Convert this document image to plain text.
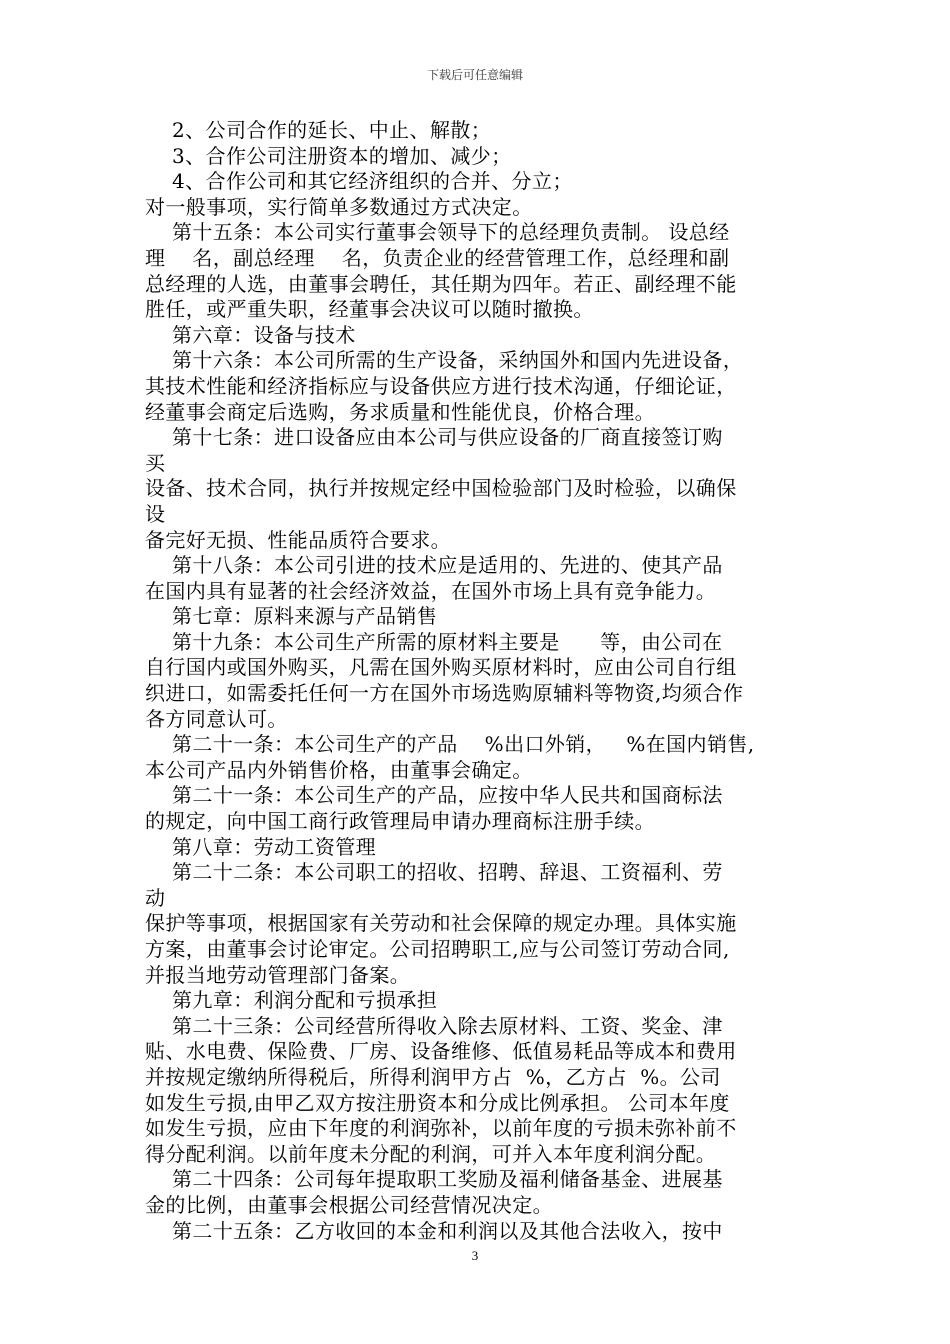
下载后可任意编辑
2、公司合作的延长、中止、解散；
3、合作公司注册资本的增加、减少；
4、合作公司和其它经济组织的合并、分立；
对一般事项，实行简单多数通过方式决定。
第十五条：本公司实行董事会领导下的总经理负责制。 设总经
理    名，副总经理    名，负责企业的经营管理工作，总经理和副
总经理的人选，由董事会聘任，其任期为四年。若正、副经理不能
胜任，或严重失职，经董事会决议可以随时撤换。
第六章：设备与技术
第十六条：本公司所需的生产设备，采纳国外和国内先进设备，
其技术性能和经济指标应与设备供应方进行技术沟通，仔细论证，
经董事会商定后选购，务求质量和性能优良，价格合理。
第十七条：进口设备应由本公司与供应设备的厂商直接签订购
买
设备、技术合同，执行并按规定经中国检验部门及时检验，以确保
设
备完好无损、性能品质符合要求。
第十八条：本公司引进的技术应是适用的、先进的、使其产品
在国内具有显著的社会经济效益，在国外市场上具有竞争能力。
第七章：原料来源与产品销售
第十九条：本公司生产所需的原材料主要是      等，由公司在
自行国内或国外购买，凡需在国外购买原材料时，应由公司自行组
织进口，如需委托任何一方在国外市场选购原辅料等物资,均须合作
各方同意认可。
第二十一条：本公司生产的产品    %出口外销，   %在国内销售,
本公司产品内外销售价格，由董事会确定。
第二十一条：本公司生产的产品，应按中华人民共和国商标法
的规定，向中国工商行政管理局申请办理商标注册手续。
第八章：劳动工资管理
第二十二条：本公司职工的招收、招聘、辞退、工资福利、劳
动
保护等事项，根据国家有关劳动和社会保障的规定办理。具体实施
方案，由董事会讨论审定。公司招聘职工,应与公司签订劳动合同,
并报当地劳动管理部门备案。
第九章：利润分配和亏损承担
第二十三条：公司经营所得收入除去原材料、工资、奖金、津
贴、水电费、保险费、厂房、设备维修、低值易耗品等成本和费用
并按规定缴纳所得税后，所得利润甲方占  %，乙方占  %。公司
如发生亏损,由甲乙双方按注册资本和分成比例承担。 公司本年度
如发生亏损，应由下年度的利润弥补，以前年度的亏损未弥补前不
得分配利润。以前年度未分配的利润，可并入本年度利润分配。
第二十四条：公司每年提取职工奖励及福利储备基金、进展基
金的比例，由董事会根据公司经营情况决定。
第二十五条：乙方收回的本金和利润以及其他合法收入，按中
3
